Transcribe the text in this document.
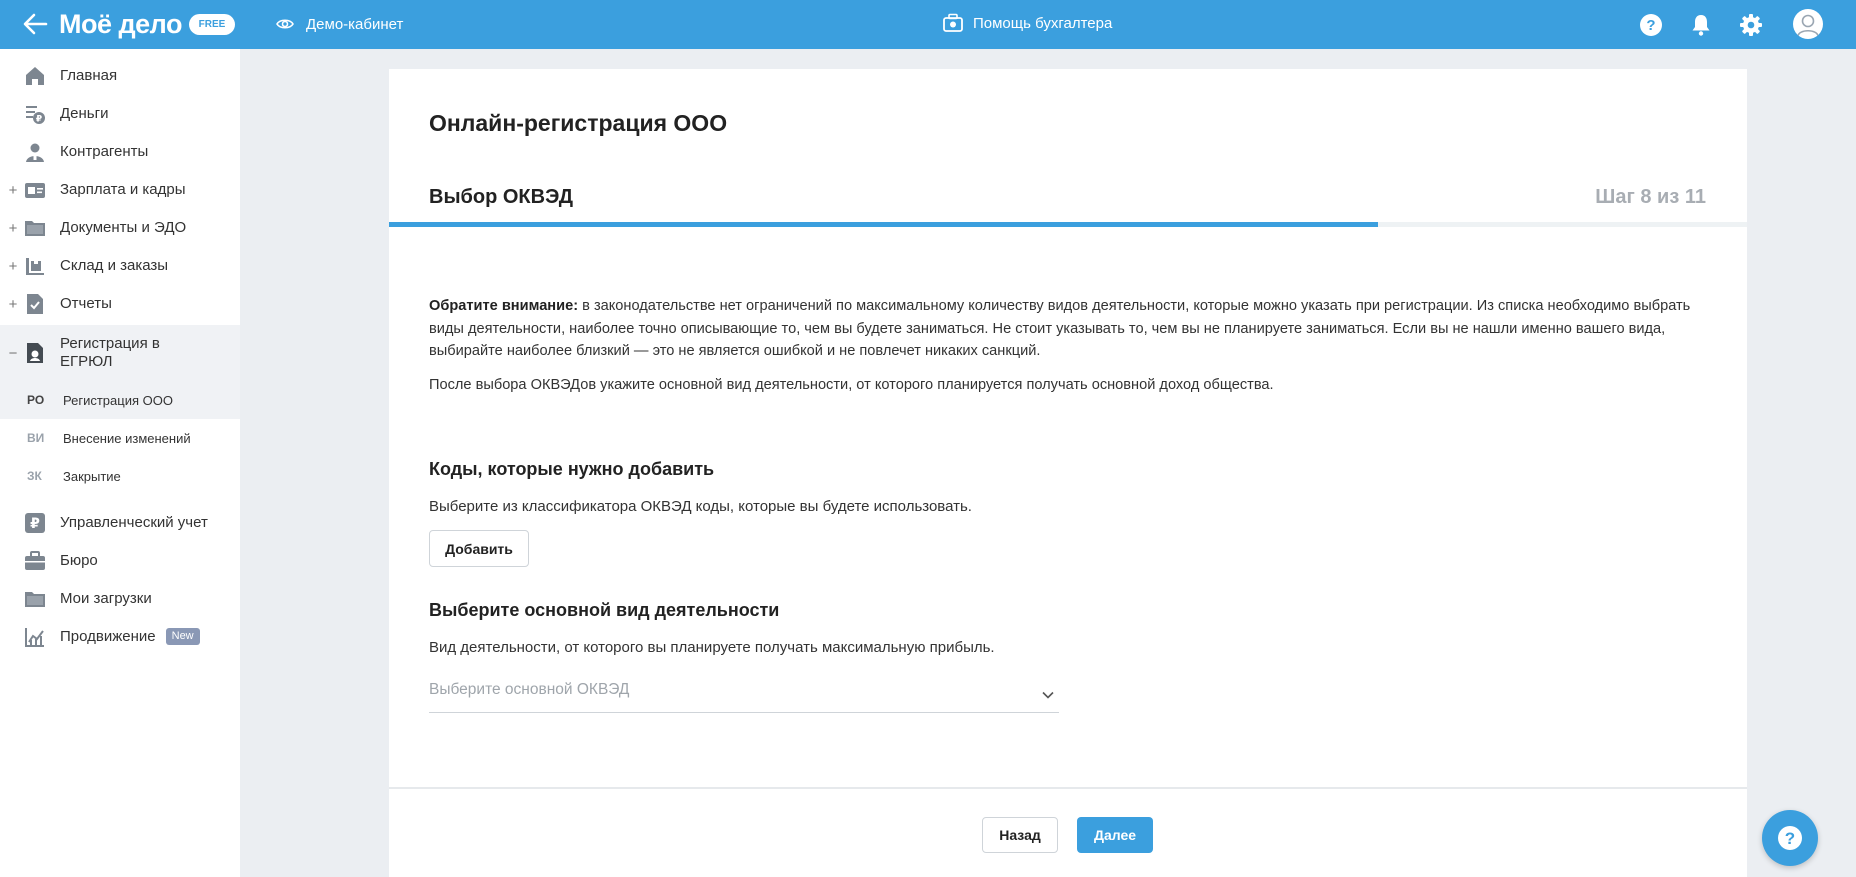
Моё дело	FREE	Демо-кабинет	Помощь бухгалтера	?
Главная
₽ Деньги
Контрагенты
+	Зарплата и кадры
+	Документы и ЭДО
+	Склад и заказы
+	Отчеты
−
Регистрация в ЕГРЮЛ
РО Регистрация ООО
ВИ Внесение изменений
ЗК Закрытие
₽ Управленческий учет
Бюро
Мои загрузки
Продвижение New
Онлайн-регистрация ООО
Выбор ОКВЭД	Шаг 8 из 11
Обратите внимание: в законодательстве нет ограничений по максимальному количеству видов деятельности, которые можно указать при регистрации. Из списка необходимо выбрать виды деятельности, наиболее точно описывающие то, чем вы будете заниматься. Не стоит указывать то, чем вы не планируете заниматься. Если вы не нашли именно вашего вида, выбирайте наиболее близкий — это не является ошибкой и не повлечет никаких санкций.
После выбора ОКВЭДов укажите основной вид деятельности, от которого планируется получать основной доход общества.
Коды, которые нужно добавить
Выберите из классификатора ОКВЭД коды, которые вы будете использовать.
Добавить
Выберите основной вид деятельности
Вид деятельности, от которого вы планируете получать максимальную прибыль.
Выберите основной ОКВЭД
Назад	Далее	?
